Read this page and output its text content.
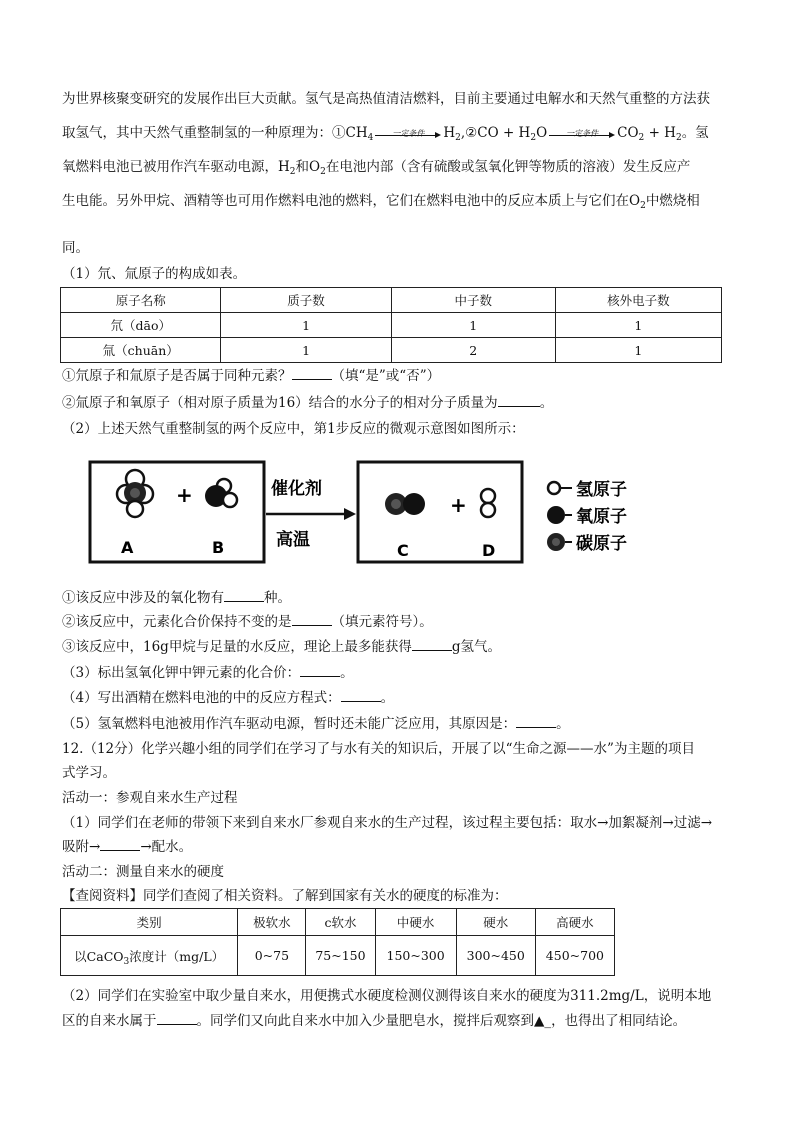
为世界核聚变研究的发展作出巨大贡献。氢气是高热值清洁燃料，目前主要通过电解水和天然气重整的方法获
取氢气，其中天然气重整制氢的一种原理为：$①CH_4$	一定条件	$H_2,②CO + H_2O$	一定条件	$CO_2 + H_2$。氢
氧燃料电池已被用作汽车驱动电源，$H_2$和$O_2$在电池内部（含有硫酸或氢氧化钾等物质的溶液）发生反应产
生电能。另外甲烷、酒精等也可用作燃料电池的燃料，它们在燃料电池中的反应本质上与它们在$O_2$中燃烧相
同。
（1）氘、氚原子的构成如表。
原子名称	质子数	中子数	核外电子数
氘（dāo）	1	1	1
氚（chuān）	1	2	1
①氘原子和氚原子是否属于同种元素？	（填“是”或“否”）
②氚原子和氧原子（相对原子质量为16）结合的水分子的相对分子质量为	。
（2）上述天然气重整制氢的两个反应中，第1步反应的微观示意图如图所示：
+
A	B
催化剂
高温
+
C	D
氢原子
氧原子
碳原子
①该反应中涉及的氧化物有	种。
②该反应中，元素化合价保持不变的是	（填元素符号）。
③该反应中，16g甲烷与足量的水反应，理论上最多能获得	g氢气。
（3）标出氢氧化钾中钾元素的化合价：	。
（4）写出酒精在燃料电池的中的反应方程式：	。
（5）氢氧燃料电池被用作汽车驱动电源，暂时还未能广泛应用，其原因是：	。
12.（12分）化学兴趣小组的同学们在学习了与水有关的知识后，开展了以“生命之源——水”为主题的项目
式学习。
活动一：参观自来水生产过程
（1）同学们在老师的带领下来到自来水厂参观自来水的生产过程，该过程主要包括：取水→加絮凝剂→过滤→
吸附→	→配水。
活动二：测量自来水的硬度
【查阅资料】同学们查阅了相关资料。了解到国家有关水的硬度的标准为：
类别	极软水	c软水	中硬水	硬水	高硬水
以CaCO$_3$浓度计（mg/L）	0~75	75~150	150~300	300~450	450~700
（2）同学们在实验室中取少量自来水，用便携式水硬度检测仪测得该自来水的硬度为311.2mg/L，说明本地
区的自来水属于	。同学们又向此自来水中加入少量肥皂水，搅拌后观察到▲_，也得出了相同结论。
